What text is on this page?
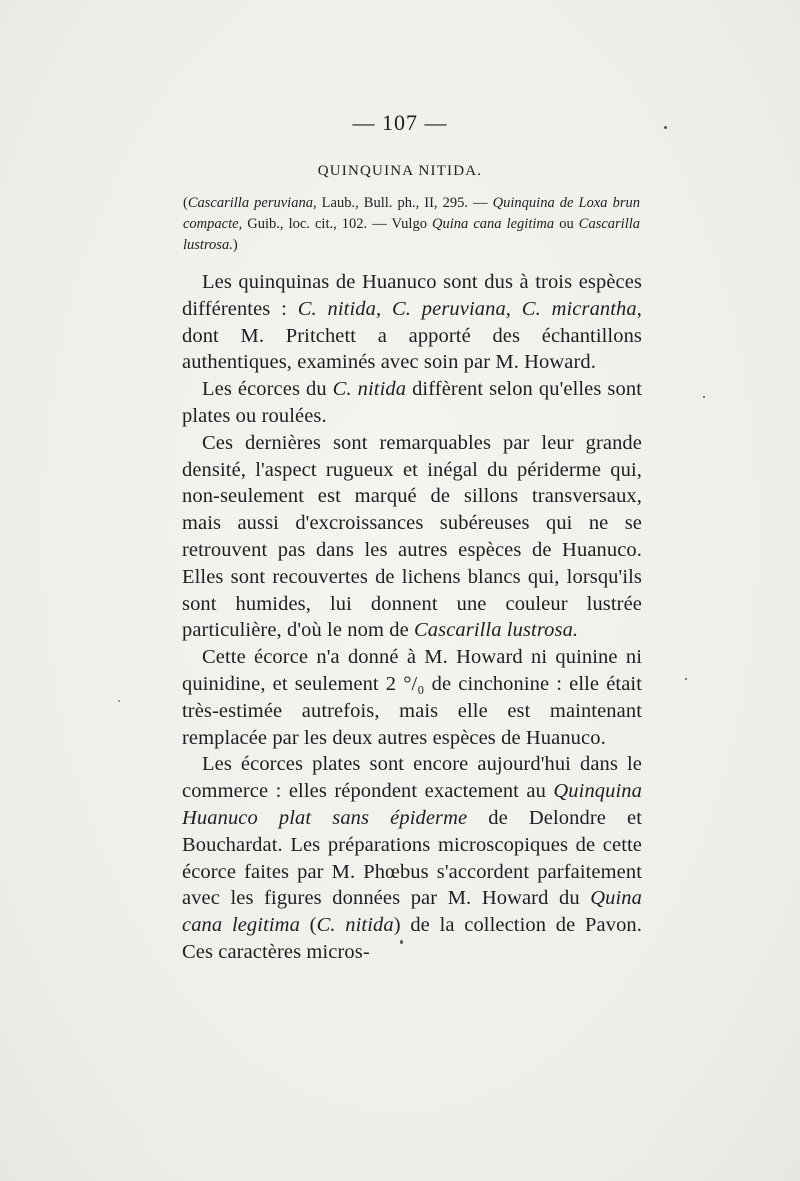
— 107 —
QUINQUINA NITIDA.
(Cascarilla peruviana, Laub., Bull. ph., II, 295. — Quinquina de Loxa brun compacte, Guib., loc. cit., 102. — Vulgo Quina cana legitima ou Cascarilla lustrosa.)

Les quinquinas de Huanuco sont dus à trois espèces différentes : C. nitida, C. peruviana, C. micrantha, dont M. Pritchett a apporté des échantillons authentiques, examinés avec soin par M. Howard.

Les écorces du C. nitida diffèrent selon qu'elles sont plates ou roulées.

Ces dernières sont remarquables par leur grande densité, l'aspect rugueux et inégal du périderme qui, non-seulement est marqué de sillons transversaux, mais aussi d'excroissances subéreuses qui ne se retrouvent pas dans les autres espèces de Huanuco. Elles sont recouvertes de lichens blancs qui, lorsqu'ils sont humides, lui donnent une couleur lustrée particulière, d'où le nom de Cascarilla lustrosa.

Cette écorce n'a donné à M. Howard ni quinine ni quinidine, et seulement 2 °/₀ de cinchonine : elle était très-estimée autrefois, mais elle est maintenant remplacée par les deux autres espèces de Huanuco.

Les écorces plates sont encore aujourd'hui dans le commerce : elles répondent exactement au Quinquina Huanuco plat sans épiderme de Delondre et Bouchardat. Les préparations microscopiques de cette écorce faites par M. Phœbus s'accordent parfaitement avec les figures données par M. Howard du Quina cana legitima (C. nitida) de la collection de Pavon. Ces caractères micros-
